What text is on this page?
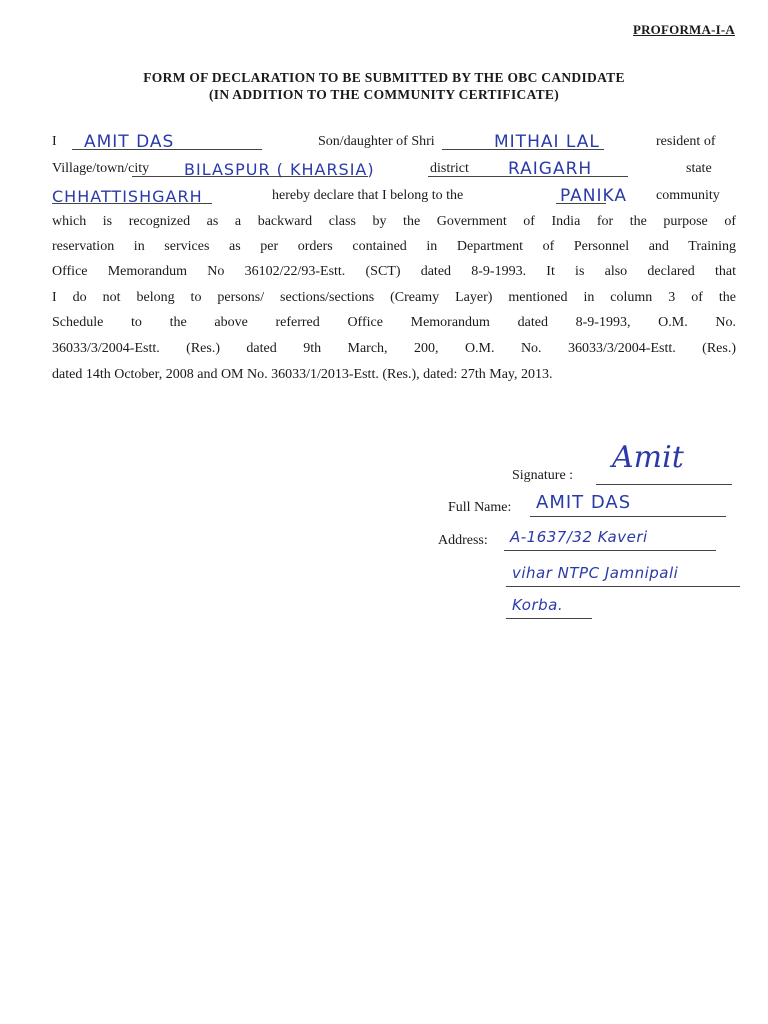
PROFORMA-I-A
FORM OF DECLARATION TO BE SUBMITTED BY THE OBC CANDIDATE
(IN ADDITION TO THE COMMUNITY CERTIFICATE)
I AMIT DAS	Son/daughter of Shri	MITHAI LAL	resident of
Village/town/city BILASPUR ( KHARSIA)	district RAIGARH	state
CHHATTISHGARH	hereby declare that I belong to the	PANIKA community
which is recognized as a backward class by the Government of India for the purpose of
reservation in services as per orders contained in Department of Personnel and Training
Office Memorandum No 36102/22/93-Estt. (SCT) dated 8-9-1993. It is also declared that
I do not belong to persons/ sections/sections (Creamy Layer) mentioned in column 3 of the
Schedule to the above referred Office Memorandum dated 8-9-1993, O.M. No.
36033/3/2004-Estt. (Res.) dated 9th March, 200, O.M. No. 36033/3/2004-Estt. (Res.)
dated 14th October, 2008 and OM No. 36033/1/2013-Estt. (Res.), dated: 27th May, 2013.
Signature :
Amit
Full Name: AMIT DAS
Address: A-1637/32 Kaveri
vihar NTPC Jamnipali
Korba.
